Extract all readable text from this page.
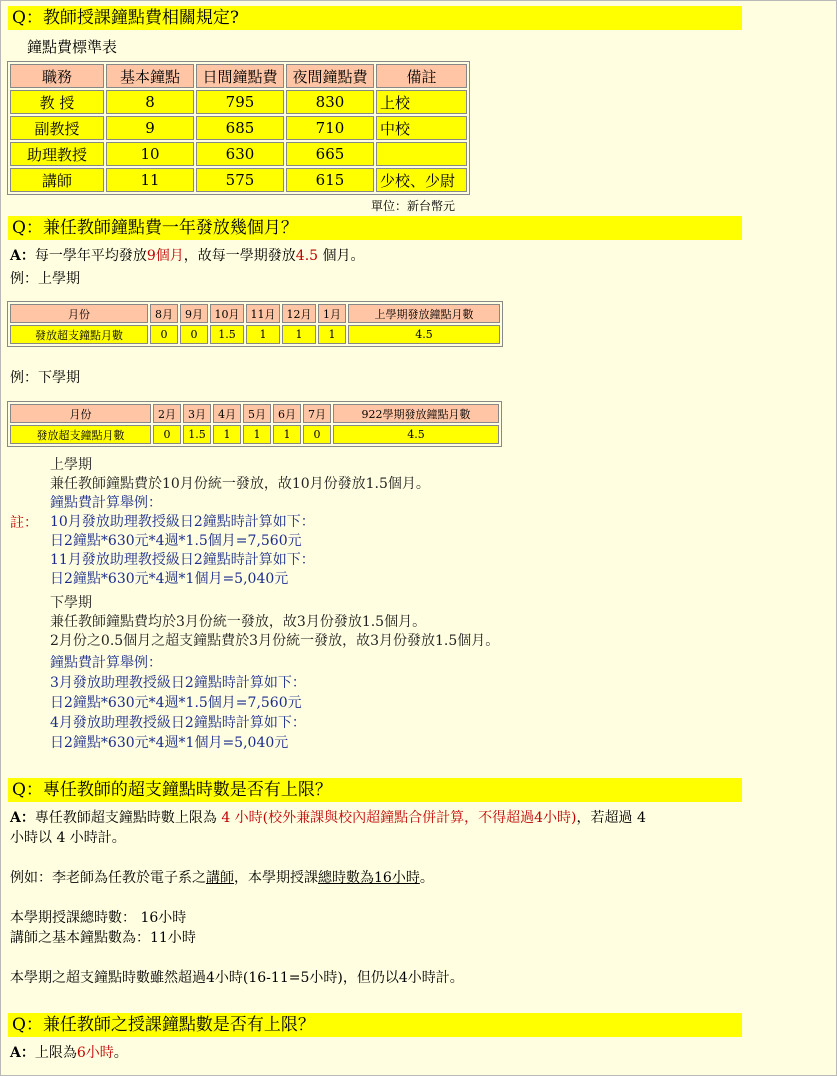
Q：教師授課鐘點費相關規定?
鐘點費標準表
職務	基本鐘點	日間鐘點費	夜間鐘點費	備註
教 授	8	795	830	上校
副教授	9	685	710	中校
助理教授	10	630	665	
講師	11	575	615	少校、少尉
單位：新台幣元
Q：兼任教師鐘點費一年發放幾個月？
A：每一學年平均發放9個月，故每一學期發放4.5 個月。
例：上學期
月份	8月	9月	10月	11月	12月	1月	上學期發放鐘點月數
發放超支鐘點月數	0	0	1.5	1	1	1	4.5
例：下學期
月份	2月	3月	4月	5月	6月	7月	922學期發放鐘點月數
發放超支鐘點月數	0	1.5	1	1	1	0	4.5
註：
上學期
兼任教師鐘點費於10月份統一發放，故10月份發放1.5個月。
鐘點費計算舉例：
10月發放助理教授級日2鐘點時計算如下：
日2鐘點*630元*4週*1.5個月=7,560元
11月發放助理教授級日2鐘點時計算如下：
日2鐘點*630元*4週*1個月=5,040元
下學期
兼任教師鐘點費均於3月份統一發放，故3月份發放1.5個月。
2月份之0.5個月之超支鐘點費於3月份統一發放，故3月份發放1.5個月。
鐘點費計算舉例：
3月發放助理教授級日2鐘點時計算如下：
日2鐘點*630元*4週*1.5個月=7,560元
4月發放助理教授級日2鐘點時計算如下：
日2鐘點*630元*4週*1個月=5,040元
Q：專任教師的超支鐘點時數是否有上限？
A：專任教師超支鐘點時數上限為 4 小時(校外兼課與校內超鐘點合併計算，不得超過4小時)，若超過 4
小時以 4 小時計。
例如：李老師為任教於電子系之講師，本學期授課總時數為16小時。
本學期授課總時數： 16小時
講師之基本鐘點數為：11小時
本學期之超支鐘點時數雖然超過4小時(16-11=5小時)，但仍以4小時計。
Q：兼任教師之授課鐘點數是否有上限？
A：上限為6小時。
